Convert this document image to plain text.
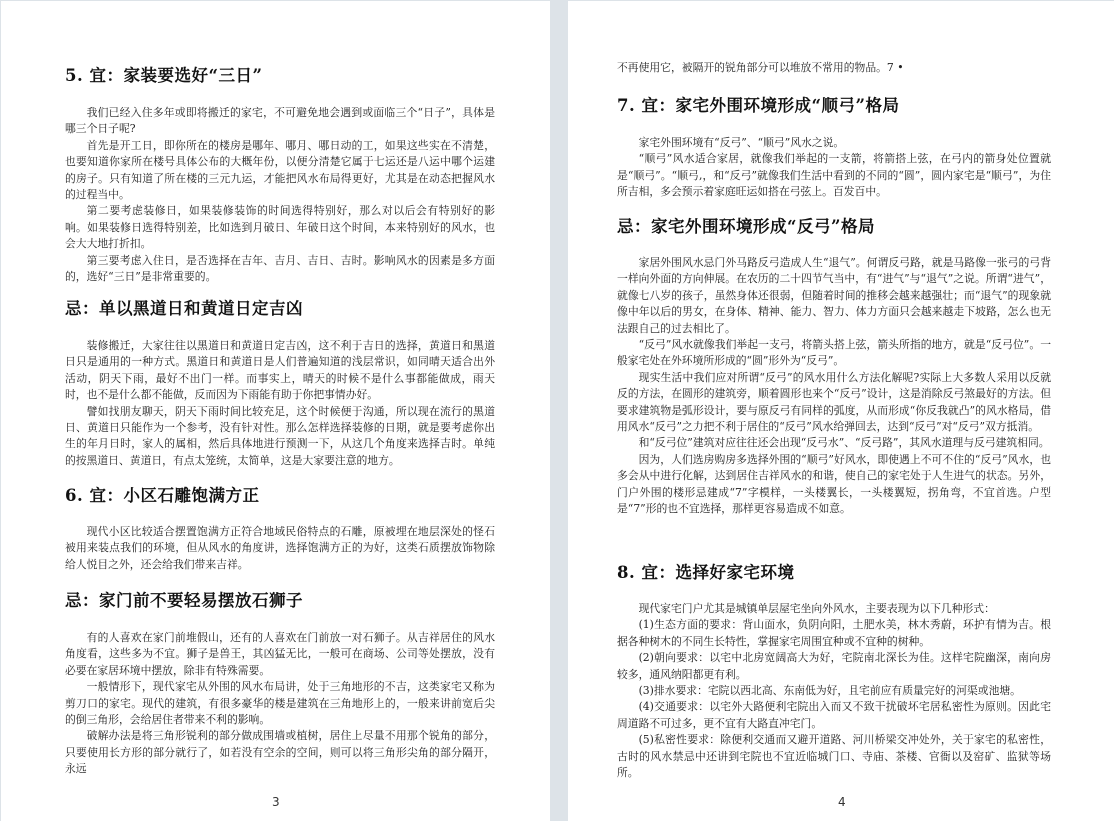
5. 宜：家装要选好“三日”

我们已经入住多年或即将搬迁的家宅，不可避免地会遇到或面临三个“日子”，具体是哪三个日子呢?

首先是开工日，即你所在的楼房是哪年、哪月、哪日动的工，如果这些实在不清楚，也要知道你家所在楼号具体公布的大概年份，以便分清楚它属于七运还是八运中哪个运建的房子。只有知道了所在楼的三元九运，才能把风水布局得更好，尤其是在动态把握风水的过程当中。

第二要考虑装修日，如果装修装饰的时间选得特别好，那么对以后会有特别好的影响。如果装修日选得特别差，比如选到月破日、年破日这个时间，本来特别好的风水，也会大大地打折扣。

第三要考虑入住日，是否选择在吉年、吉月、吉日、吉时。影响风水的因素是多方面的，选好“三日”是非常重要的。

忌：单以黑道日和黄道日定吉凶

装修搬迁，大家往往以黑道日和黄道日定吉凶，这不利于吉日的选择，黄道日和黑道日只是通用的一种方式。黑道日和黄道日是人们普遍知道的浅层常识，如同晴天适合出外活动，阴天下雨，最好不出门一样。而事实上，晴天的时候不是什么事都能做成，雨天时，也不是什么都不能做，反而因为下雨能有助于你把事情办好。

譬如找朋友聊天，阴天下雨时间比较充足，这个时候便于沟通，所以现在流行的黑道日、黄道日只能作为一个参考，没有针对性。那么怎样选择装修的日期，就是要考虑你出生的年月日时，家人的属相，然后具体地进行预测一下，从这几个角度来选择吉时。单纯的按黑道日、黄道日，有点太笼统，太简单，这是大家要注意的地方。

6. 宜：小区石雕饱满方正

现代小区比较适合摆置饱满方正符合地域民俗特点的石雕，原被埋在地层深处的怪石被用来装点我们的环境，但从风水的角度讲，选择饱满方正的为好，这类石质摆放饰物除给人悦目之外，还会给我们带来吉祥。

忌：家门前不要轻易摆放石狮子

有的人喜欢在家门前堆假山，还有的人喜欢在门前放一对石狮子。从吉祥居住的风水角度看，这些多为不宜。狮子是兽王，其凶猛无比，一般可在商场、公司等处摆放，没有必要在家居环境中摆放，除非有特殊需要。

一般情形下，现代家宅从外围的风水布局讲，处于三角地形的不吉，这类家宅又称为剪刀口的家宅。现代的建筑，有很多豪华的楼是建筑在三角地形上的，一般来讲前宽后尖的倒三角形，会给居住者带来不利的影响。

破解办法是将三角形锐利的部分做成围墙或植树，居住上尽量不用那个锐角的部分，只要使用长方形的部分就行了，如若没有空余的空间，则可以将三角形尖角的部分隔开，永远

3

不再使用它，被隔开的锐角部分可以堆放不常用的物品。7 •

7. 宜：家宅外围环境形成“顺弓”格局

家宅外围环境有“反弓”、“顺弓”风水之说。

“顺弓”风水适合家居，就像我们举起的一支箭，将箭搭上弦，在弓内的箭身处位置就是“顺弓”。“顺弓,，和“反弓”就像我们生活中看到的不同的“圆”，圆内家宅是“顺弓”，为住所吉相，多会预示着家庭旺运如搭在弓弦上。百发百中。

忌：家宅外围环境形成“反弓”格局

家居外围风水忌门外马路反弓造成人生“退气”。何谓反弓路，就是马路像一张弓的弓背一样向外面的方向伸展。在农历的二十四节气当中，有“进气”与“退气”之说。所谓“进气”，就像七八岁的孩子，虽然身体还很弱，但随着时间的推移会越来越强壮；而“退气”的现象就像中年以后的男女，在身体、精神、能力、智力、体力方面只会越来越走下坡路，怎么也无法跟自己的过去相比了。

“反弓”风水就像我们举起一支弓，将箭头搭上弦，箭头所指的地方，就是“反弓位”。一般家宅处在外环境所形成的“圆”形外为“反弓”。

现实生活中我们应对所谓“反弓”的风水用什么方法化解呢?实际上大多数人采用以反就反的方法，在圆形的建筑旁，顺着圆形也来个“反弓”设计，这是消除反弓煞最好的方法。但要求建筑物是弧形设计，要与原反弓有同样的弧度，从而形成“你反我就凸”的风水格局，借用风水“反弓”之力把不利于居住的“反弓”风水给弹回去，达到“反弓”对“反弓”双方抵消。

和“反弓位”建筑对应往往还会出现“反弓水”、“反弓路”，其风水道理与反弓建筑相同。

因为，人们选房购房多选择外围的“顺弓”好风水，即使遇上不可不住的“反弓”风水，也多会从中进行化解，达到居住吉祥风水的和谐，使自己的家宅处于人生进气的状态。另外，门户外围的楼形忌建成“7”字模样，一头楼翼长，一头楼翼短，拐角弯，不宜首选。户型是“7”形的也不宜选择，那样更容易造成不如意。

8. 宜：选择好家宅环境

现代家宅门户尤其是城镇单层屋宅坐向外风水，主要表现为以下几种形式：

(1)生态方面的要求：背山面水，负阴向阳，土肥水美，林木秀蔚，环护有情为吉。根据各种树木的不同生长特性，掌握家宅周围宜种或不宜种的树种。

(2)朝向要求：以宅中北房宽阔高大为好，宅院南北深长为佳。这样宅院幽深，南向房较多，通风纳阳都更有利。

(3)排水要求：宅院以西北高、东南低为好，且宅前应有质量完好的河渠或池塘。

(4)交通要求：以宅外大路便利宅院出入而又不致干扰破坏宅居私密性为原则。因此宅周道路不可过多，更不宜有大路直冲宅门。

(5)私密性要求：除便利交通而又避开道路、河川桥梁交冲处外，关于家宅的私密性，古时的风水禁忌中还讲到宅院也不宜近临城门口、寺庙、茶楼、官衙以及窑矿、监狱等场所。

4
